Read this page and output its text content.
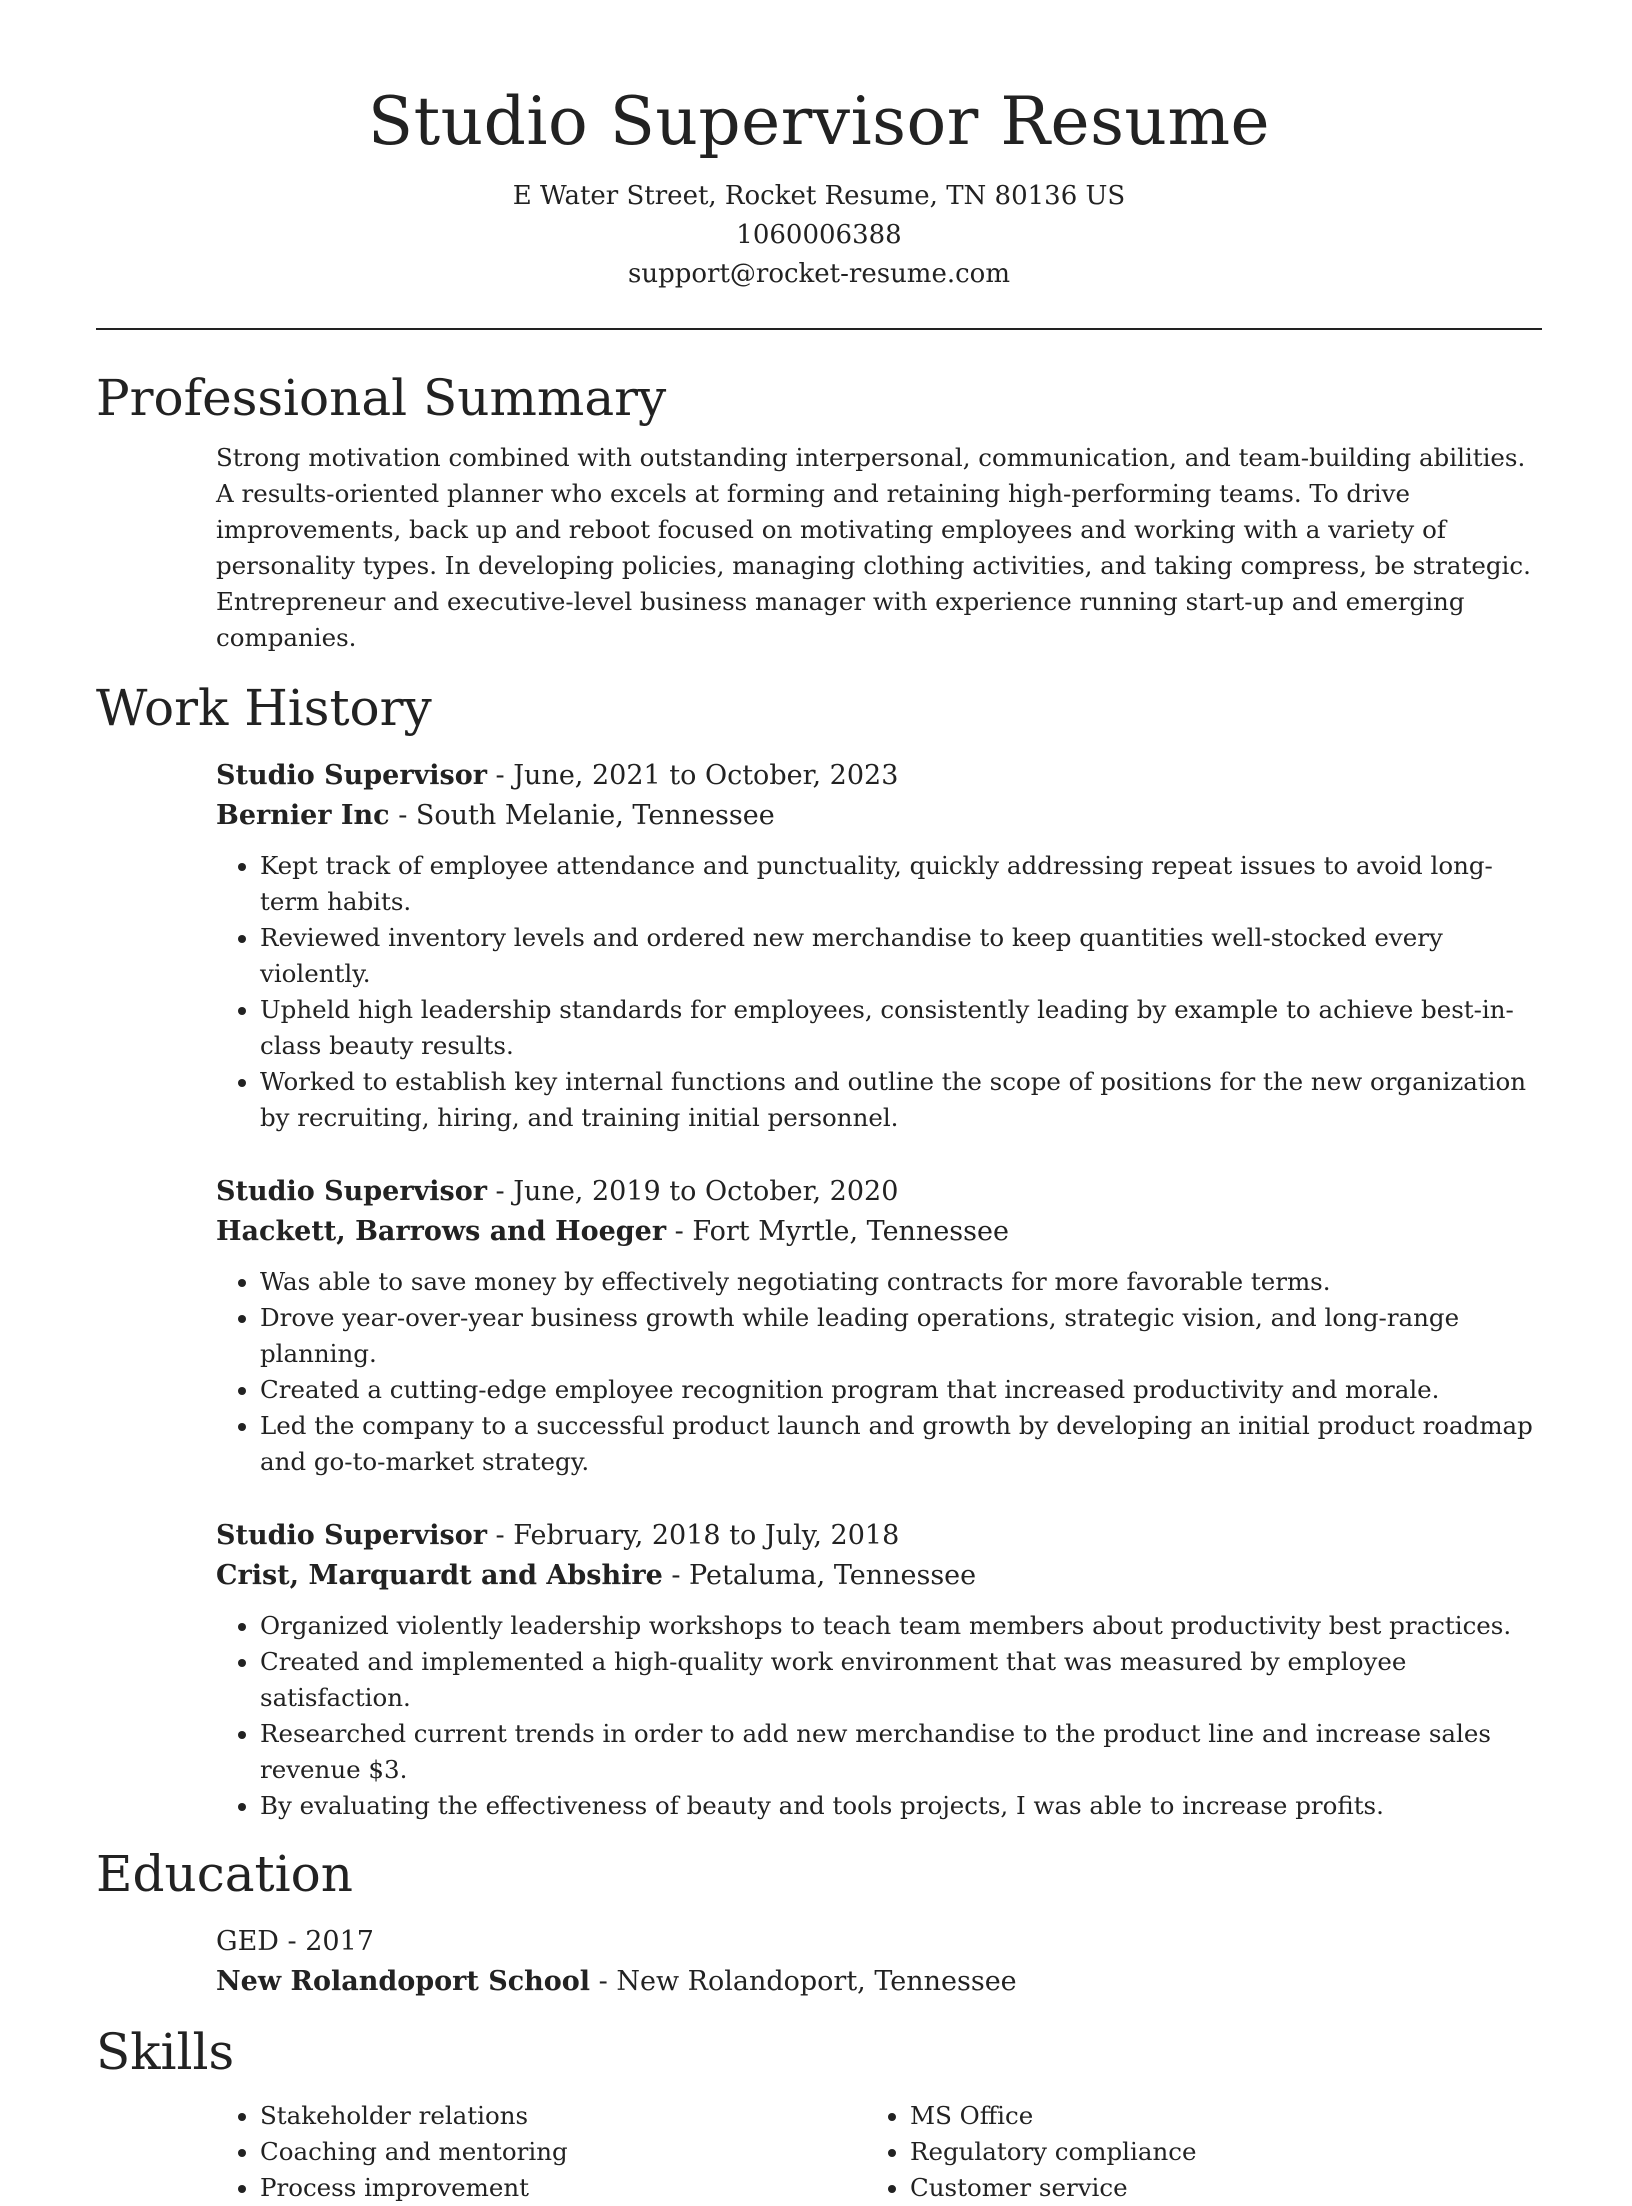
Studio Supervisor Resume
E Water Street, Rocket Resume, TN 80136 US
1060006388
support@rocket-resume.com
Professional Summary

Strong motivation combined with outstanding interpersonal, communication, and team-building abilities. A results-oriented planner who excels at forming and retaining high-performing teams. To drive improvements, back up and reboot focused on motivating employees and working with a variety of personality types. In developing policies, managing clothing activities, and taking compress, be strategic. Entrepreneur and executive-level business manager with experience running start-up and emerging companies.

Work History
Studio Supervisor - June, 2021 to October, 2023
Bernier Inc - South Melanie, Tennessee
• Kept track of employee attendance and punctuality, quickly addressing repeat issues to avoid long-term habits.
• Reviewed inventory levels and ordered new merchandise to keep quantities well-stocked every violently.
• Upheld high leadership standards for employees, consistently leading by example to achieve best-in-class beauty results.
• Worked to establish key internal functions and outline the scope of positions for the new organization by recruiting, hiring, and training initial personnel.
Studio Supervisor - June, 2019 to October, 2020
Hackett, Barrows and Hoeger - Fort Myrtle, Tennessee
• Was able to save money by effectively negotiating contracts for more favorable terms.
• Drove year-over-year business growth while leading operations, strategic vision, and long-range planning.
• Created a cutting-edge employee recognition program that increased productivity and morale.
• Led the company to a successful product launch and growth by developing an initial product roadmap and go-to-market strategy.
Studio Supervisor - February, 2018 to July, 2018
Crist, Marquardt and Abshire - Petaluma, Tennessee
• Organized violently leadership workshops to teach team members about productivity best practices.
• Created and implemented a high-quality work environment that was measured by employee satisfaction.
• Researched current trends in order to add new merchandise to the product line and increase sales revenue $3.
• By evaluating the effectiveness of beauty and tools projects, I was able to increase profits.
Education
GED - 2017
New Rolandoport School - New Rolandoport, Tennessee
Skills
• Stakeholder relations
• Coaching and mentoring
• Process improvement
• MS Office
• Regulatory compliance
• Customer service
